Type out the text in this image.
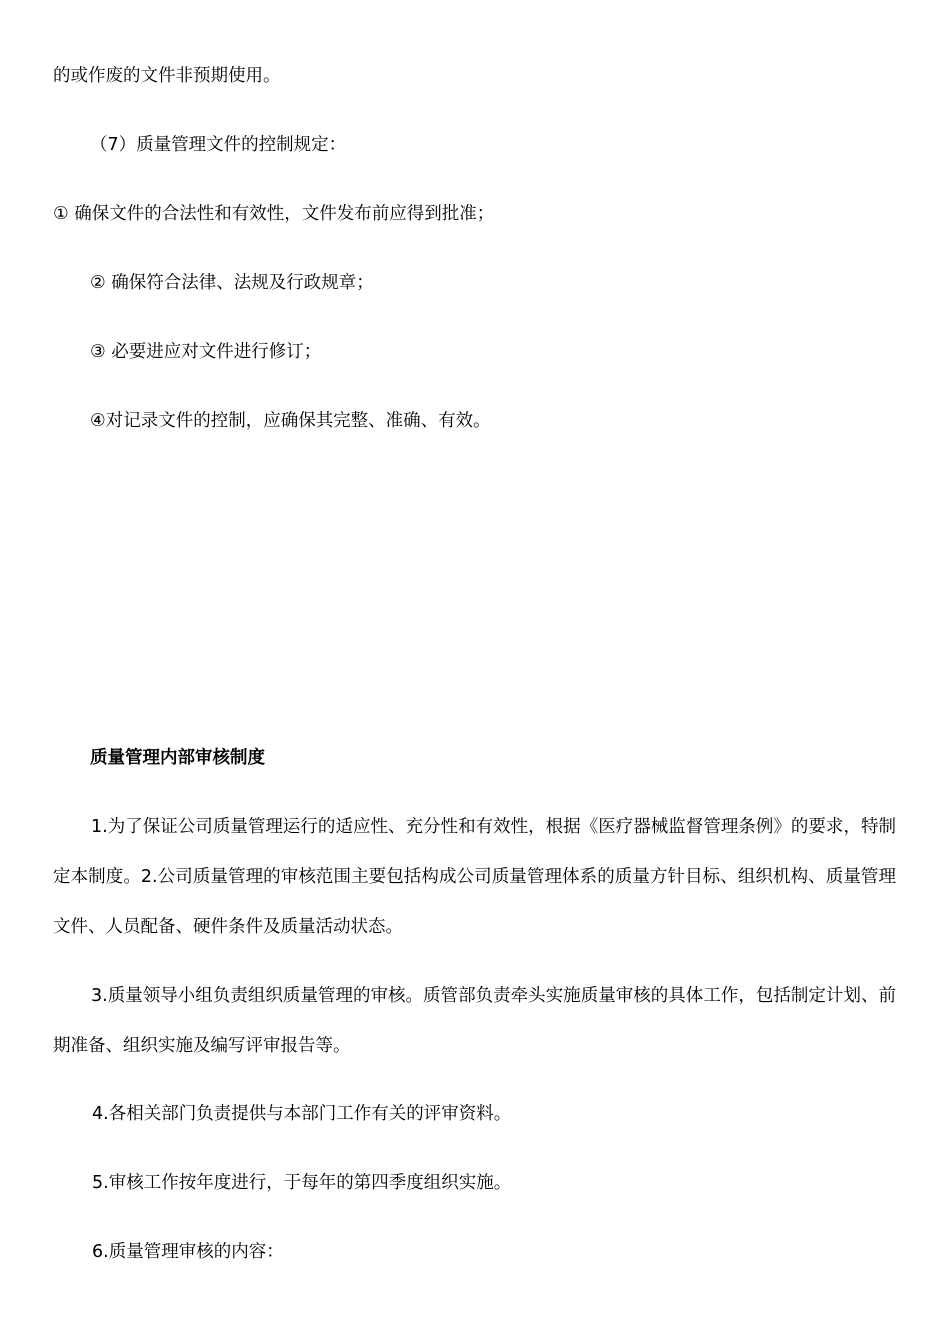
的或作废的文件非预期使用。

（7）质量管理文件的控制规定：

① 确保文件的合法性和有效性，文件发布前应得到批准；

② 确保符合法律、法规及行政规章；

③ 必要进应对文件进行修订；

④对记录文件的控制，应确保其完整、准确、有效。

质量管理内部审核制度

1.为了保证公司质量管理运行的适应性、充分性和有效性，根据《医疗器械监督管理条例》的要求，特制定本制度。2.公司质量管理的审核范围主要包括构成公司质量管理体系的质量方针目标、组织机构、质量管理文件、人员配备、硬件条件及质量活动状态。

3.质量领导小组负责组织质量管理的审核。质管部负责牵头实施质量审核的具体工作，包括制定计划、前期准备、组织实施及编写评审报告等。

4.各相关部门负责提供与本部门工作有关的评审资料。

5.审核工作按年度进行，于每年的第四季度组织实施。

6.质量管理审核的内容：
